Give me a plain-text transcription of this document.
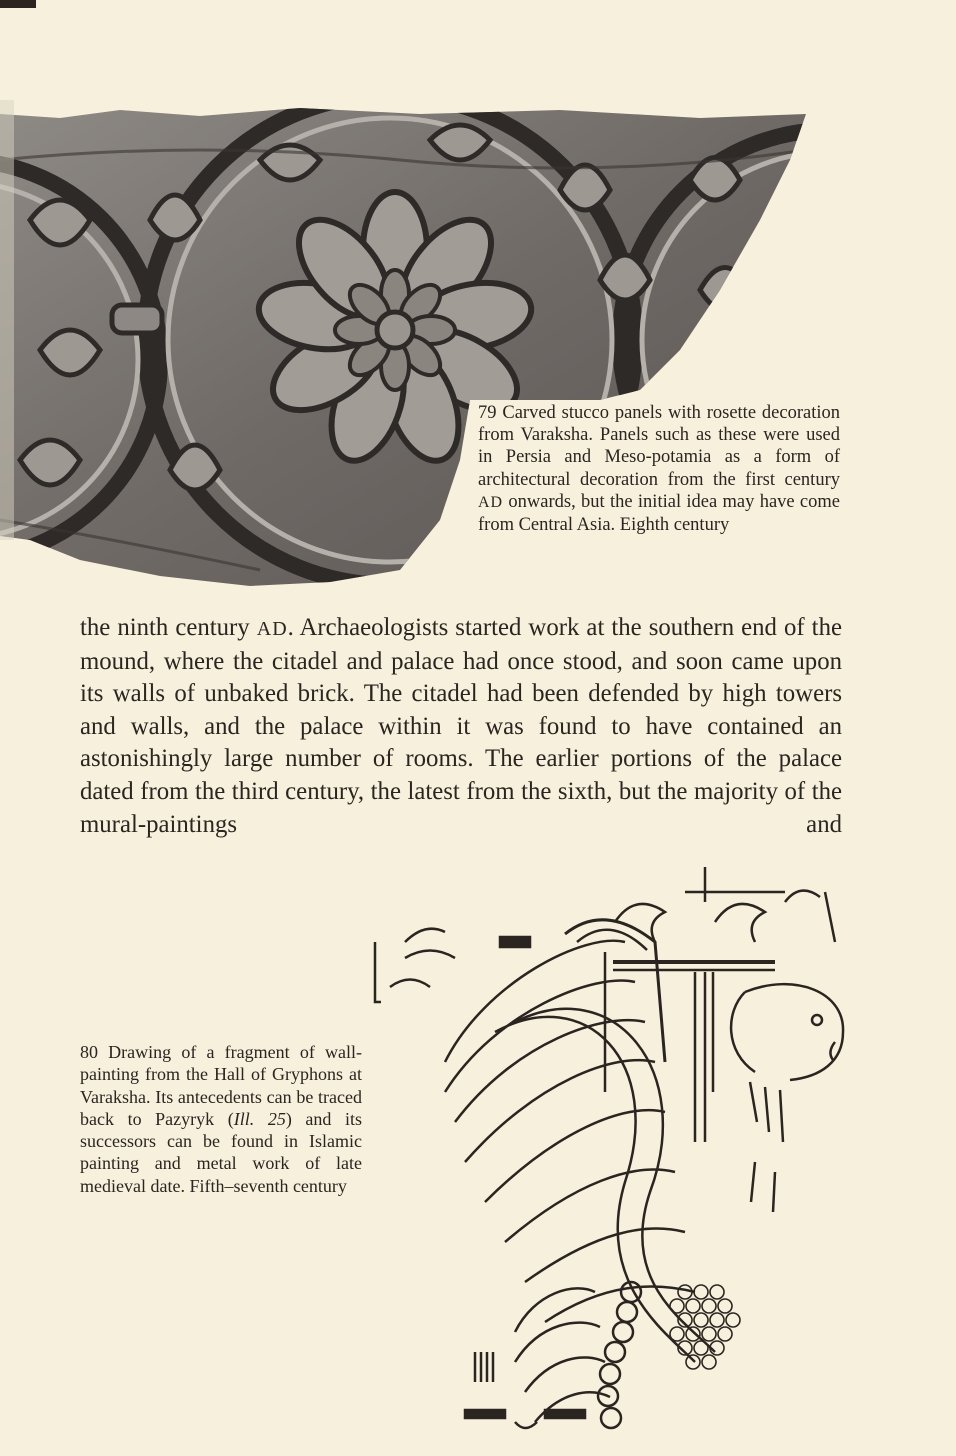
79 Carved stucco panels with rosette decoration from Varaksha. Panels such as these were used in Persia and Meso-potamia as a form of architectural decoration from the first century AD onwards, but the initial idea may have come from Central Asia. Eighth century
the ninth century AD. Archaeologists started work at the southern end of the mound, where the citadel and palace had once stood, and soon came upon its walls of unbaked brick. The citadel had been defended by high towers and walls, and the palace within it was found to have contained an astonishingly large number of rooms. The earlier portions of the palace dated from the third century, the latest from the sixth, but the majority of the mural-paintings and
80 Drawing of a fragment of wall-painting from the Hall of Gryphons at Varaksha. Its antecedents can be traced back to Pazyryk (Ill. 25) and its successors can be found in Islamic painting and metal work of late medieval date. Fifth–seventh century
